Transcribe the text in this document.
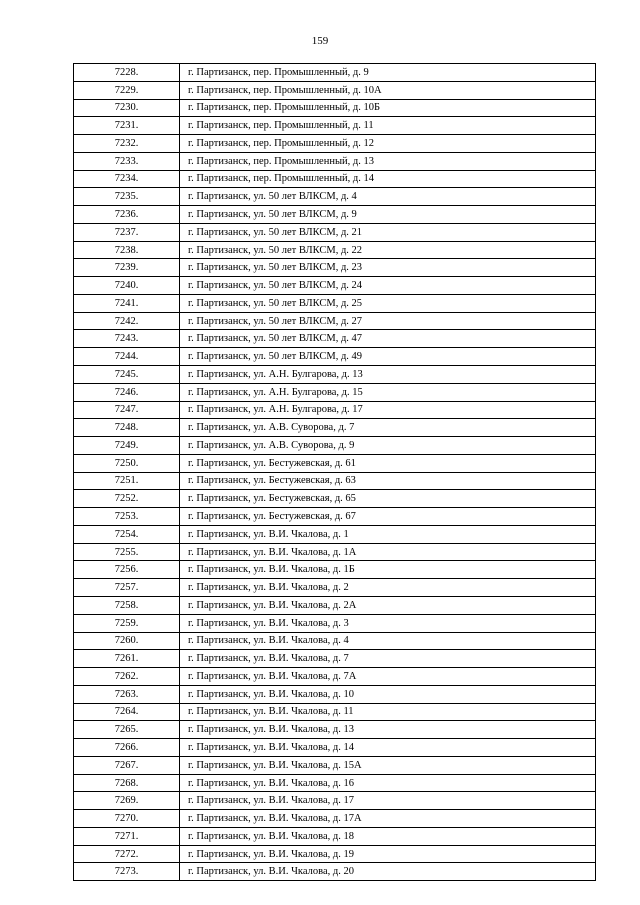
159
7228.	г. Партизанск, пер. Промышленный, д. 9
7229.	г. Партизанск, пер. Промышленный, д. 10А
7230.	г. Партизанск, пер. Промышленный, д. 10Б
7231.	г. Партизанск, пер. Промышленный, д. 11
7232.	г. Партизанск, пер. Промышленный, д. 12
7233.	г. Партизанск, пер. Промышленный, д. 13
7234.	г. Партизанск, пер. Промышленный, д. 14
7235.	г. Партизанск, ул. 50 лет ВЛКСМ, д. 4
7236.	г. Партизанск, ул. 50 лет ВЛКСМ, д. 9
7237.	г. Партизанск, ул. 50 лет ВЛКСМ, д. 21
7238.	г. Партизанск, ул. 50 лет ВЛКСМ, д. 22
7239.	г. Партизанск, ул. 50 лет ВЛКСМ, д. 23
7240.	г. Партизанск, ул. 50 лет ВЛКСМ, д. 24
7241.	г. Партизанск, ул. 50 лет ВЛКСМ, д. 25
7242.	г. Партизанск, ул. 50 лет ВЛКСМ, д. 27
7243.	г. Партизанск, ул. 50 лет ВЛКСМ, д. 47
7244.	г. Партизанск, ул. 50 лет ВЛКСМ, д. 49
7245.	г. Партизанск, ул. А.Н. Булгарова, д. 13
7246.	г. Партизанск, ул. А.Н. Булгарова, д. 15
7247.	г. Партизанск, ул. А.Н. Булгарова, д. 17
7248.	г. Партизанск, ул. А.В. Суворова, д. 7
7249.	г. Партизанск, ул. А.В. Суворова, д. 9
7250.	г. Партизанск, ул. Бестужевская, д. 61
7251.	г. Партизанск, ул. Бестужевская, д. 63
7252.	г. Партизанск, ул. Бестужевская, д. 65
7253.	г. Партизанск, ул. Бестужевская, д. 67
7254.	г. Партизанск, ул. В.И. Чкалова, д. 1
7255.	г. Партизанск, ул. В.И. Чкалова, д. 1А
7256.	г. Партизанск, ул. В.И. Чкалова, д. 1Б
7257.	г. Партизанск, ул. В.И. Чкалова, д. 2
7258.	г. Партизанск, ул. В.И. Чкалова, д. 2А
7259.	г. Партизанск, ул. В.И. Чкалова, д. 3
7260.	г. Партизанск, ул. В.И. Чкалова, д. 4
7261.	г. Партизанск, ул. В.И. Чкалова, д. 7
7262.	г. Партизанск, ул. В.И. Чкалова, д. 7А
7263.	г. Партизанск, ул. В.И. Чкалова, д. 10
7264.	г. Партизанск, ул. В.И. Чкалова, д. 11
7265.	г. Партизанск, ул. В.И. Чкалова, д. 13
7266.	г. Партизанск, ул. В.И. Чкалова, д. 14
7267.	г. Партизанск, ул. В.И. Чкалова, д. 15А
7268.	г. Партизанск, ул. В.И. Чкалова, д. 16
7269.	г. Партизанск, ул. В.И. Чкалова, д. 17
7270.	г. Партизанск, ул. В.И. Чкалова, д. 17А
7271.	г. Партизанск, ул. В.И. Чкалова, д. 18
7272.	г. Партизанск, ул. В.И. Чкалова, д. 19
7273.	г. Партизанск, ул. В.И. Чкалова, д. 20
